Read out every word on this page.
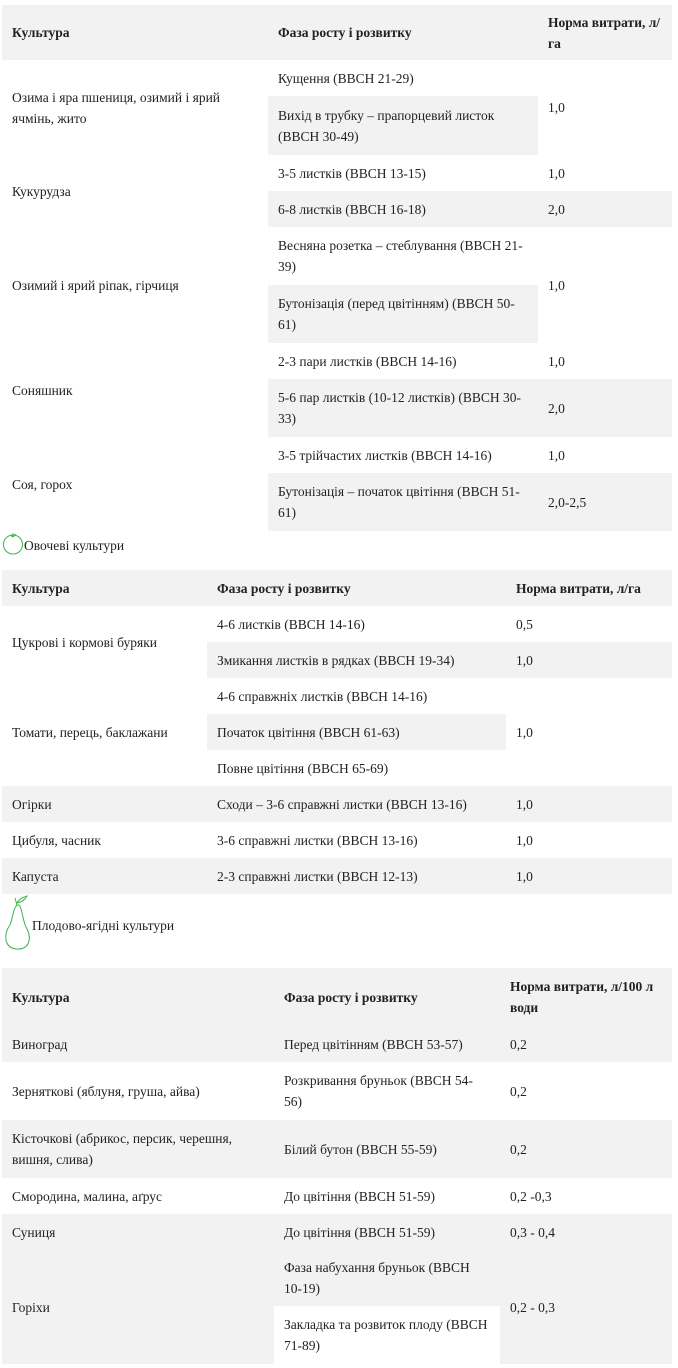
Культура	Фаза росту і розвитку	Норма витрати, л/га
Озима і яра пшениця, озимий і ярий ячмінь, жито	Кущення (BBCH 21-29)	1,0
	Вихід в трубку – прапорцевий листок (BBCH 30-49)	
Кукурудза	3-5 листків (BBCH 13-15)	1,0
	6-8 листків (BBCH 16-18)	2,0
Озимий і ярий ріпак, гірчиця	Весняна розетка – стеблування (BBCH 21-39)	1,0
	Бутонізація (перед цвітінням) (BBCH 50-61)	
Соняшник	2-3 пари листків (BBCH 14-16)	1,0
	5-6 пар листків (10-12 листків) (BBCH 30-33)	2,0
Соя, горох	3-5 трійчастих листків (BBCH 14-16)	1,0
	Бутонізація – початок цвітіння (BBCH 51-61)	2,0-2,5
Овочеві культури
Культура	Фаза росту і розвитку	Норма витрати, л/га
Цукрові і кормові буряки	4-6 листків (BBCH 14-16)	0,5
	Змикання листків в рядках (BBCH 19-34)	1,0
Томати, перець, баклажани	4-6 справжніх листків (BBCH 14-16)	1,0
	Початок цвітіння (BBCH 61-63)	
	Повне цвітіння (BBCH 65-69)	
Огірки	Сходи – 3-6 справжні листки (BBCH 13-16)	1,0
Цибуля, часник	3-6 справжні листки (BBCH 13-16)	1,0
Капуста	2-3 справжні листки (BBCH 12-13)	1,0
Плодово-ягідні культури
Культура	Фаза росту і розвитку	Норма витрати, л/100 л води
Виноград	Перед цвітінням (BBCH 53-57)	0,2
Зерняткові (яблуня, груша, айва)	Розкривання бруньок (BBCH 54-56)	0,2
Кісточкові (абрикос, персик, черешня, вишня, слива)	Білий бутон (BBCH 55-59)	0,2
Смородина, малина, аґрус	До цвітіння (BBCH 51-59)	0,2 -0,3
Суниця	До цвітіння (BBCH 51-59)	0,3 - 0,4
Горіхи	Фаза набухання бруньок (BBCH 10-19)	0,2 - 0,3
	Закладка та розвиток плоду (BBCH 71-89)	
